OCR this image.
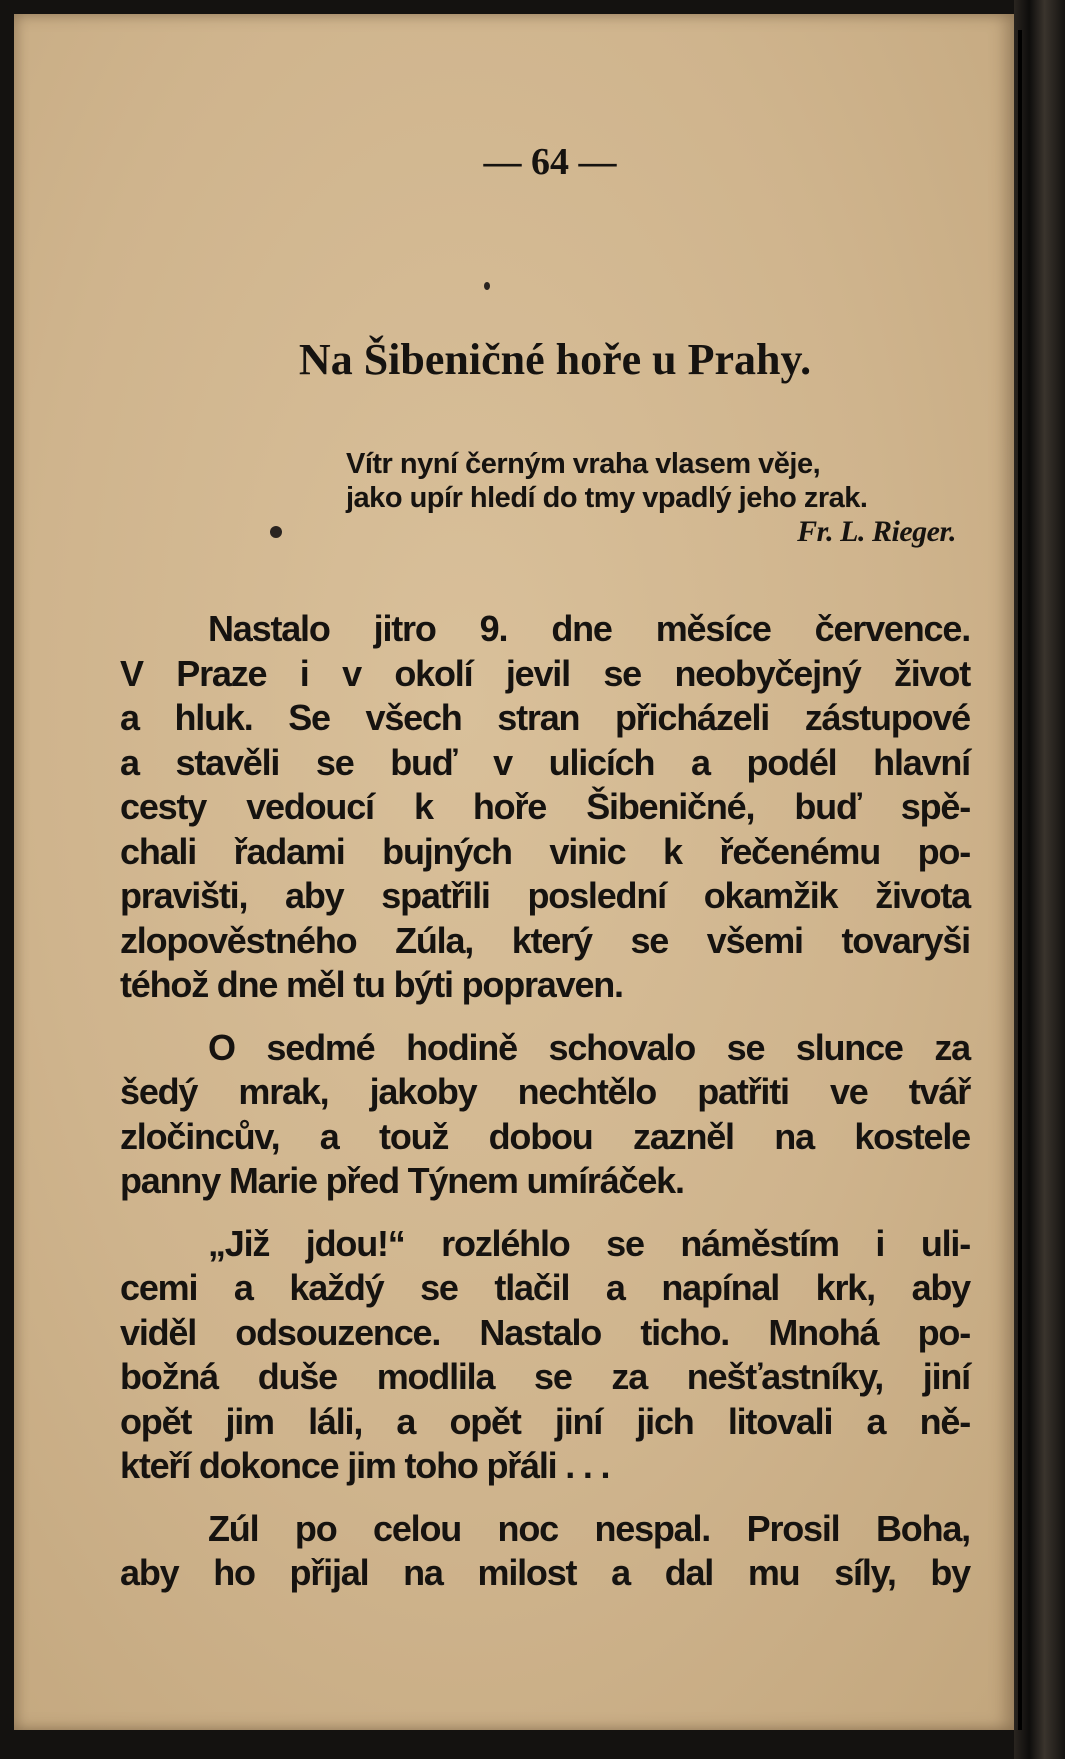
— 64 —
Na Šibeničné hoře u Prahy.
Vítr nyní černým vraha vlasem věje,
jako upír hledí do tmy vpadlý jeho zrak.
Fr. L. Rieger.
Nastalo jitro 9. dne měsíce července.
V Praze i v okolí jevil se neobyčejný život
a hluk. Se všech stran přicházeli zástupové
a stavěli se buď v ulicích a podél hlavní
cesty vedoucí k hoře Šibeničné, buď spě-
chali řadami bujných vinic k řečenému po-
pravišti, aby spatřili poslední okamžik života
zlopověstného Zúla, který se všemi tovaryši
téhož dne měl tu býti popraven.
O sedmé hodině schovalo se slunce za
šedý mrak, jakoby nechtělo patřiti ve tvář
zločincův, a touž dobou zazněl na kostele
panny Marie před Týnem umíráček.
„Již jdou!“ rozléhlo se náměstím i uli-
cemi a každý se tlačil a napínal krk, aby
viděl odsouzence. Nastalo ticho. Mnohá po-
božná duše modlila se za nešťastníky, jiní
opět jim láli, a opět jiní jich litovali a ně-
kteří dokonce jim toho přáli . . .
Zúl po celou noc nespal. Prosil Boha,
aby ho přijal na milost a dal mu síly, by
